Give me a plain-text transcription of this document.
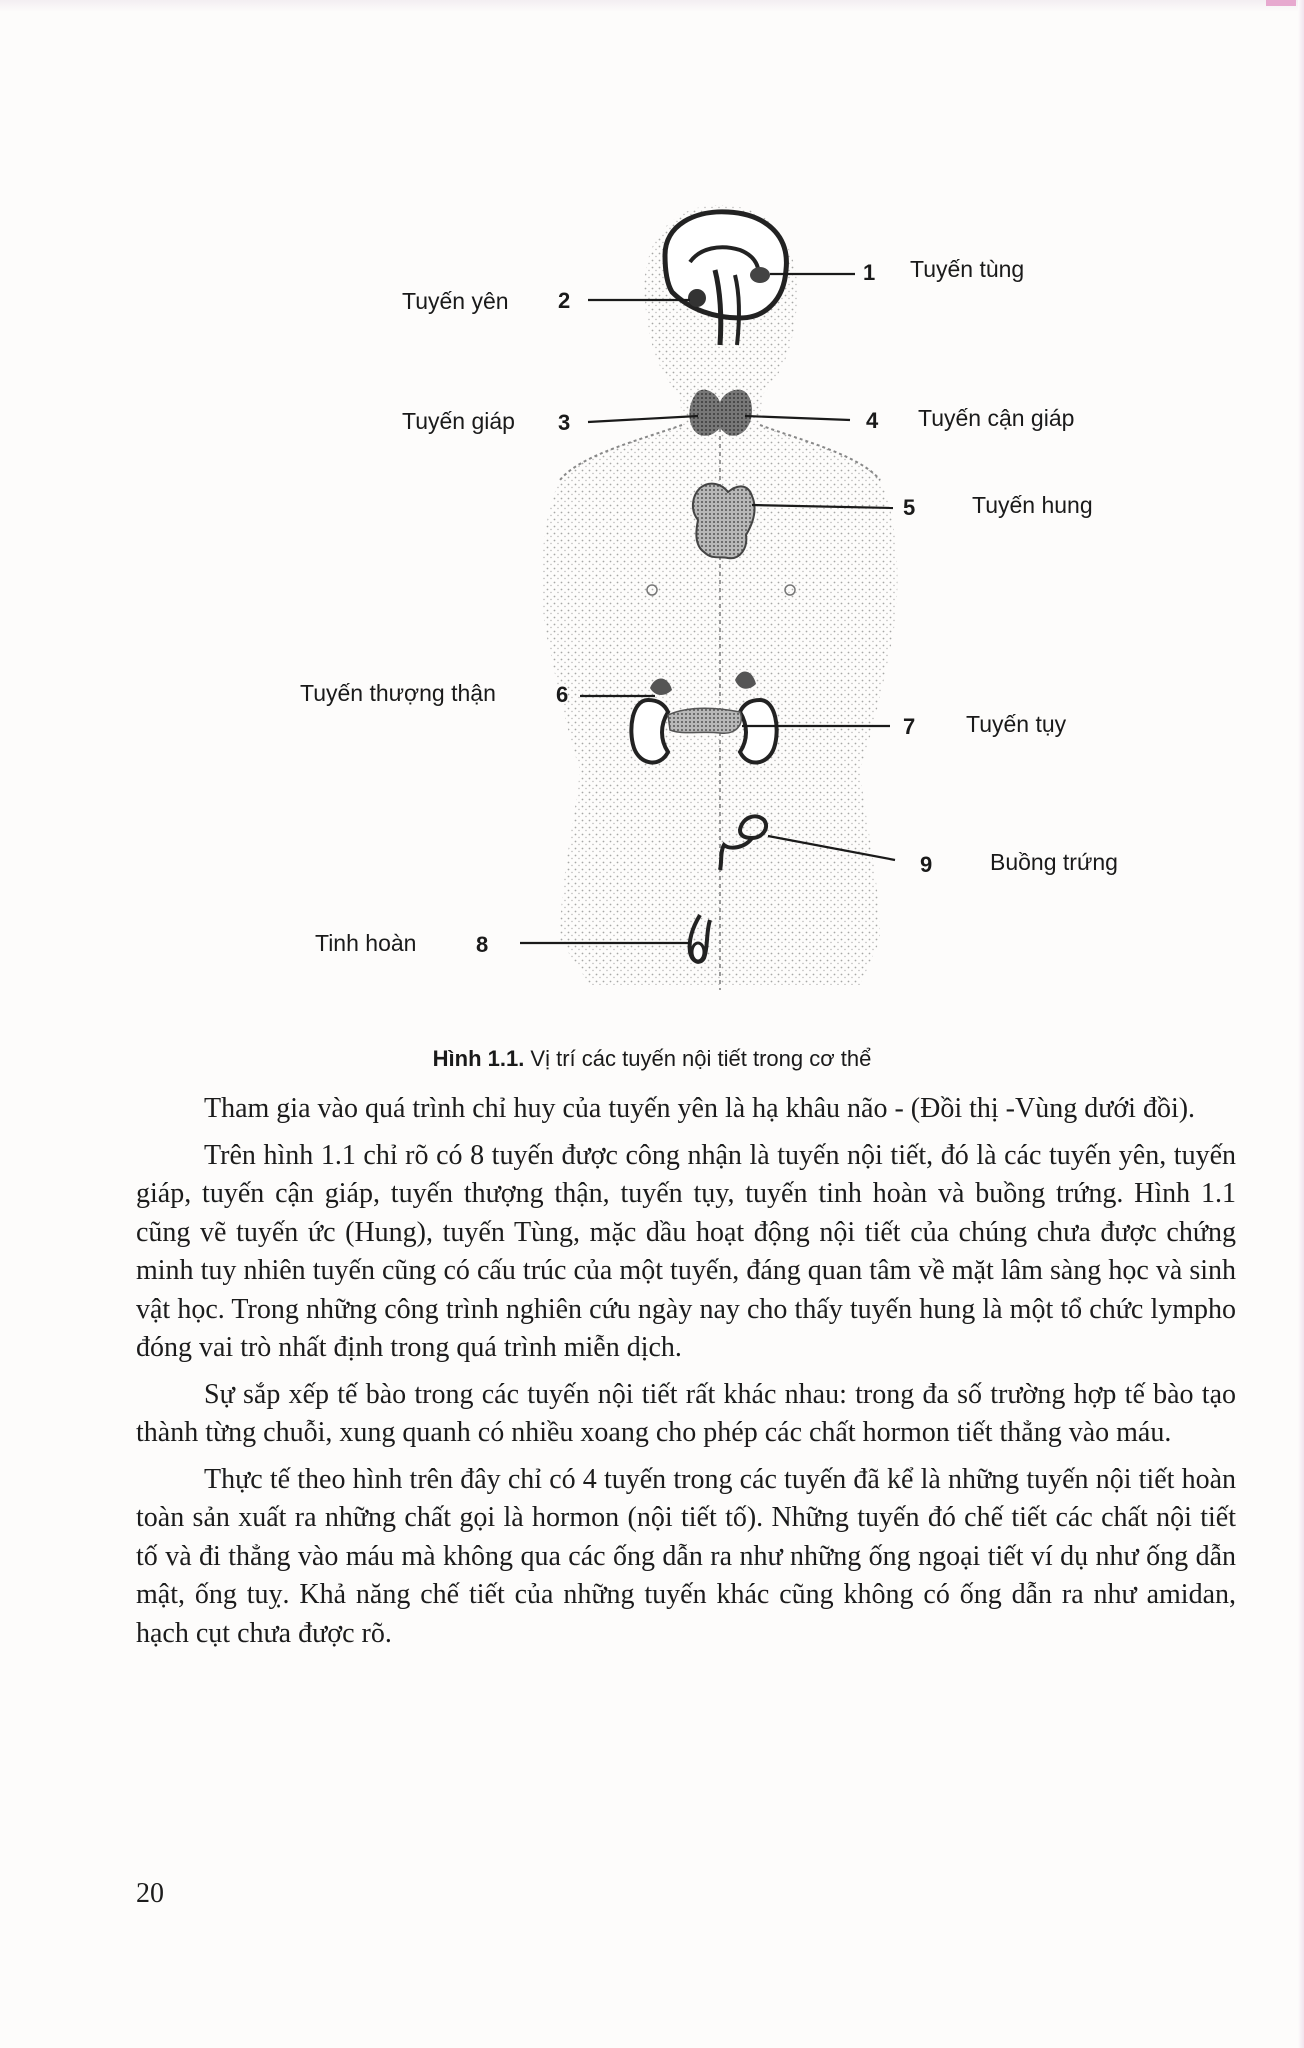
1
2
3	4
5
6
7
8
9
Tuyến tùng
Tuyến yên
Tuyến giáp	Tuyến cận giáp
Tuyến hung
Tuyến thượng thận
Tuyến tụy
Tinh hoàn
Buồng trứng
Hình 1.1. Vị trí các tuyến nội tiết trong cơ thể

Tham gia vào quá trình chỉ huy của tuyến yên là hạ khâu não - (Đồi thị -Vùng dưới đồi).

Trên hình 1.1 chỉ rõ có 8 tuyến được công nhận là tuyến nội tiết, đó là các tuyến yên, tuyến giáp, tuyến cận giáp, tuyến thượng thận, tuyến tụy, tuyến tinh hoàn và buồng trứng. Hình 1.1 cũng vẽ tuyến ức (Hung), tuyến Tùng, mặc dầu hoạt động nội tiết của chúng chưa được chứng minh tuy nhiên tuyến cũng có cấu trúc của một tuyến, đáng quan tâm về mặt lâm sàng học và sinh vật học. Trong những công trình nghiên cứu ngày nay cho thấy tuyến hung là một tổ chức lympho đóng vai trò nhất định trong quá trình miễn dịch.

Sự sắp xếp tế bào trong các tuyến nội tiết rất khác nhau: trong đa số trường hợp tế bào tạo thành từng chuỗi, xung quanh có nhiều xoang cho phép các chất hormon tiết thẳng vào máu.

Thực tế theo hình trên đây chỉ có 4 tuyến trong các tuyến đã kể là những tuyến nội tiết hoàn toàn sản xuất ra những chất gọi là hormon (nội tiết tố). Những tuyến đó chế tiết các chất nội tiết tố và đi thẳng vào máu mà không qua các ống dẫn ra như những ống ngoại tiết ví dụ như ống dẫn mật, ống tuỵ. Khả năng chế tiết của những tuyến khác cũng không có ống dẫn ra như amidan, hạch cụt chưa được rõ.

20
